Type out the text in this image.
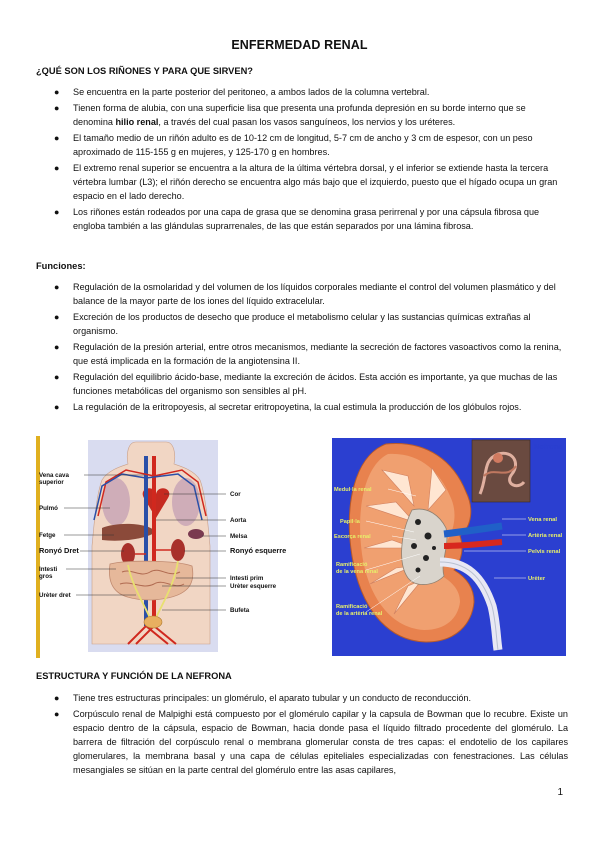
ENFERMEDAD RENAL
¿QUÉ SON LOS RIÑONES Y PARA QUE SIRVEN?
● Se encuentra en la parte posterior del peritoneo, a ambos lados de la columna vertebral.
● Tienen forma de alubia, con una superficie lisa que presenta una profunda depresión en su borde interno que se denomina hilio renal, a través del cual pasan los vasos sanguíneos, los nervios y los uréteres.
● El tamaño medio de un riñón adulto es de 10-12 cm de longitud, 5-7 cm de ancho y 3 cm de espesor, con un peso aproximado de 115-155 g en mujeres, y 125-170 g en hombres.
● El extremo renal superior se encuentra a la altura de la última vértebra dorsal, y el inferior se extiende hasta la tercera vértebra lumbar (L3); el riñón derecho se encuentra algo más bajo que el izquierdo, puesto que el hígado ocupa un gran espacio en el lado derecho.
● Los riñones están rodeados por una capa de grasa que se denomina grasa perirrenal y por una cápsula fibrosa que engloba también a las glándulas suprarrenales, de las que están separados por una lámina fibrosa.
Funciones:
● Regulación de la osmolaridad y del volumen de los líquidos corporales mediante el control del volumen plasmático y del balance de la mayor parte de los iones del líquido extracelular.
● Excreción de los productos de desecho que produce el metabolismo celular y las sustancias químicas extrañas al organismo.
● Regulación de la presión arterial, entre otros mecanismos, mediante la secreción de factores vasoactivos como la renina, que está implicada en la formación de la angiotensina II.
● Regulación del equilibrio ácido-base, mediante la excreción de ácidos. Esta acción es importante, ya que muchas de las funciones metabólicas del organismo son sensibles al pH.
● La regulación de la eritropoyesis, al secretar eritropoyetina, la cual estimula la producción de los glóbulos rojos.
Vena cava superior
Pulmó
Fetge
Ronyó Dret
Intesti gros
Urèter dret
Cor
Aorta
Melsa
Ronyó esquerre
Intesti prim
Urèter esquerre
Bufeta
Nefrona
Medul·la renal
Papil·la
Escorça renal
Ramificació de la vena renal
Ramificació de la artèria renal
Vena renal
Artèria renal
Pelvis renal
Urèter
ESTRUCTURA Y FUNCIÓN DE LA NEFRONA
● Tiene tres estructuras principales: un glomérulo, el aparato tubular y un conducto de reconducción.
● Corpúsculo renal de Malpighi está compuesto por el glomérulo capilar y la capsula de Bowman que lo recubre. Existe un espacio dentro de la cápsula, espacio de Bowman, hacia donde pasa el líquido filtrado procedente del glomérulo. La barrera de filtración del corpúsculo renal o membrana glomerular consta de tres capas: el endotelio de los capilares glomerulares, la membrana basal y una capa de células epiteliales especializadas con fenestraciones. Las células mesangiales se sitúan en la parte central del glomérulo entre las asas capilares,
1
